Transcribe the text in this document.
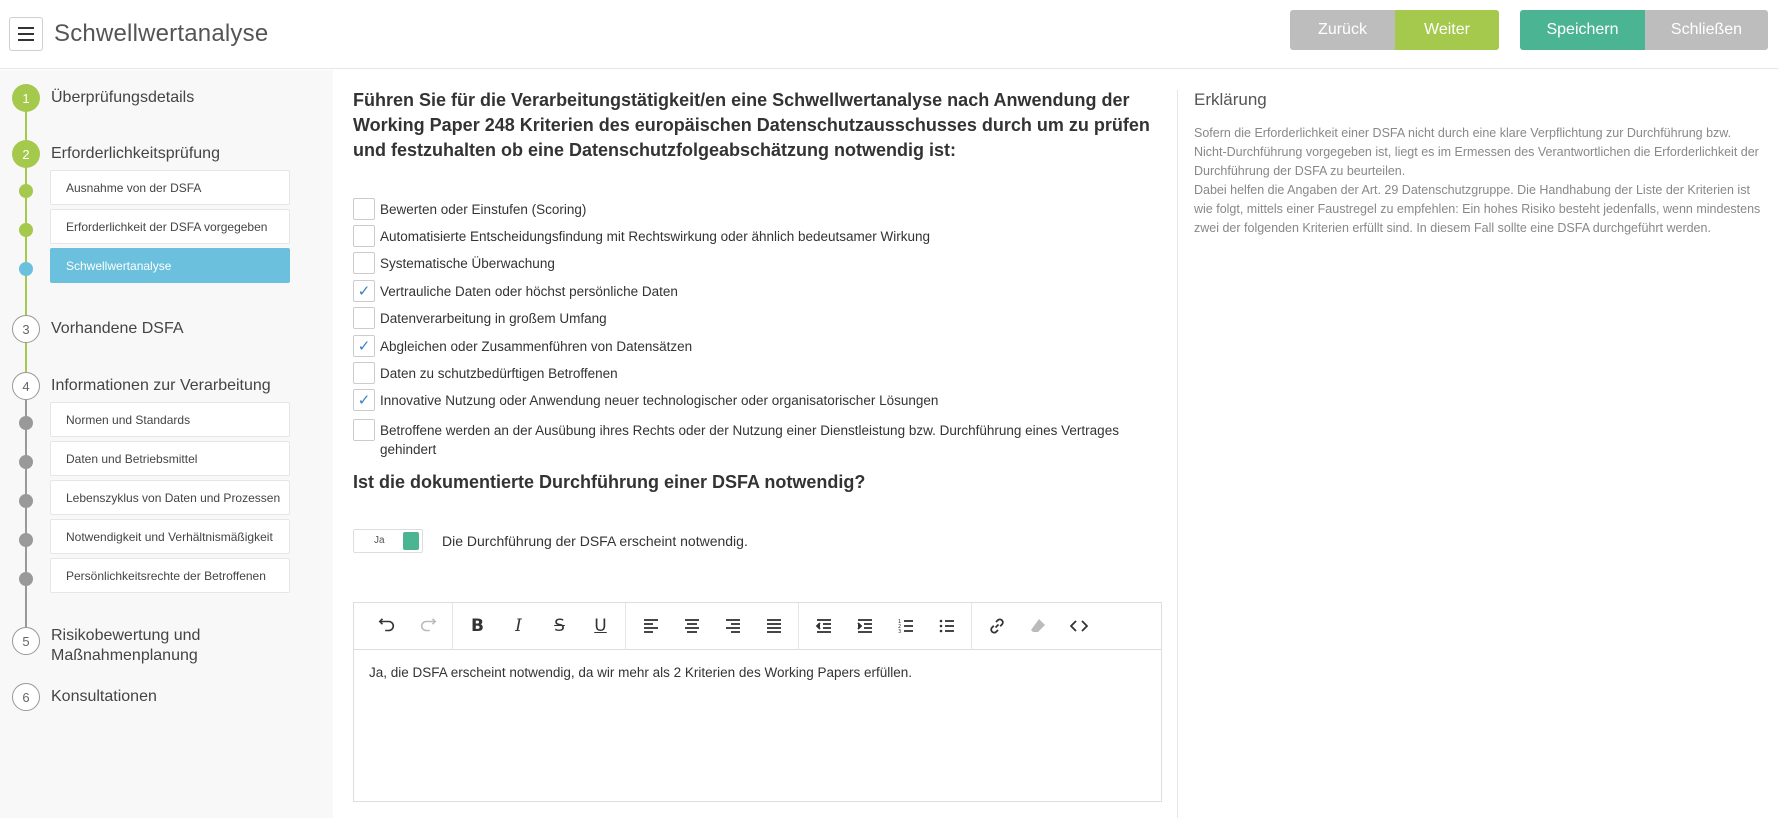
Schwellwertanalyse	Zurück	Weiter	Speichern	Schließen
1	Überprüfungsdetails
2	Erforderlichkeitsprüfung
Ausnahme von der DSFA
Erforderlichkeit der DSFA vorgegeben
Schwellwertanalyse
3	Vorhandene DSFA
4	Informationen zur Verarbeitung
Normen und Standards
Daten und Betriebsmittel
Lebenszyklus von Daten und Prozessen
Notwendigkeit und Verhältnismäßigkeit
Persönlichkeitsrechte der Betroffenen
5	Risikobewertung und Maßnahmenplanung
6	Konsultationen
Führen Sie für die Verarbeitungstätigkeit/en eine Schwellwertanalyse nach Anwendung der Working Paper 248 Kriterien des europäischen Datenschutzausschusses durch um zu prüfen und festzuhalten ob eine Datenschutzfolgeabschätzung notwendig ist:
Bewerten oder Einstufen (Scoring)
Automatisierte Entscheidungsfindung mit Rechtswirkung oder ähnlich bedeutsamer Wirkung
Systematische Überwachung
✓ Vertrauliche Daten oder höchst persönliche Daten
Datenverarbeitung in großem Umfang
✓ Abgleichen oder Zusammenführen von Datensätzen
Daten zu schutzbedürftigen Betroffenen
✓ Innovative Nutzung oder Anwendung neuer technologischer oder organisatorischer Lösungen
Betroffene werden an der Ausübung ihres Rechts oder der Nutzung einer Dienstleistung bzw. Durchführung eines Vertrages gehindert
Ist die dokumentierte Durchführung einer DSFA notwendig?
Ja	Die Durchführung der DSFA erscheint notwendig.
B	I	S	U	1
2
3
Ja, die DSFA erscheint notwendig, da wir mehr als 2 Kriterien des Working Papers erfüllen.
Erklärung
Sofern die Erforderlichkeit einer DSFA nicht durch eine klare Verpflichtung zur Durchführung bzw. Nicht-Durchführung vorgegeben ist, liegt es im Ermessen des Verantwortlichen die Erforderlichkeit der Durchführung der DSFA zu beurteilen.
Dabei helfen die Angaben der Art. 29 Datenschutzgruppe. Die Handhabung der Liste der Kriterien ist wie folgt, mittels einer Faustregel zu empfehlen: Ein hohes Risiko besteht jedenfalls, wenn mindestens zwei der folgenden Kriterien erfüllt sind. In diesem Fall sollte eine DSFA durchgeführt werden.
